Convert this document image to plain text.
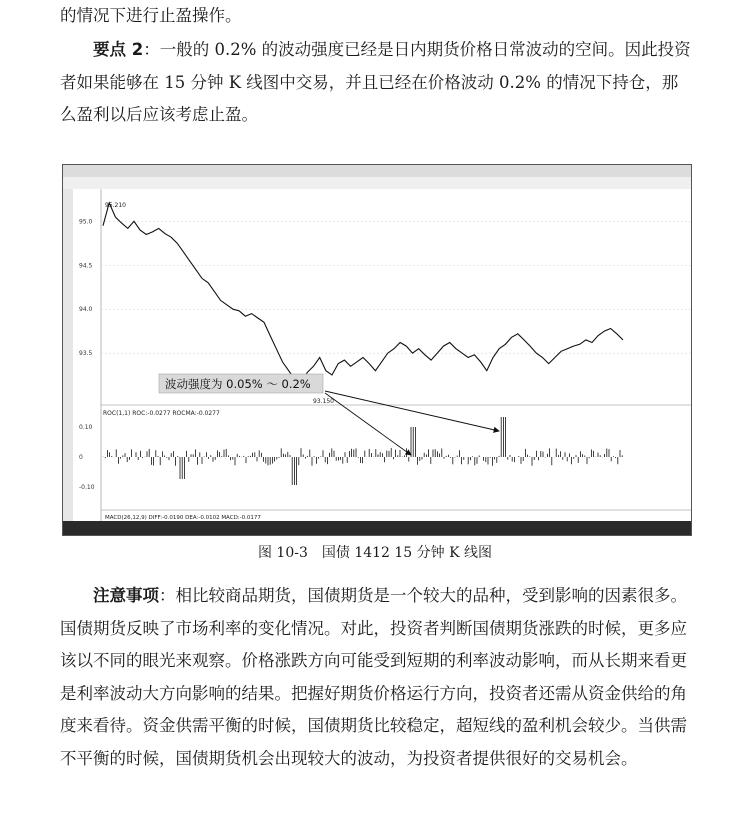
的情况下进行止盈操作。
要点 2：一般的 0.2% 的波动强度已经是日内期货价格日常波动的空间。因此投资者如果能够在 15 分钟 K 线图中交易，并且已经在价格波动 0.2% 的情况下持仓，那么盈利以后应该考虑止盈。
95.0
94.5
94.0
93.5
0.10
0
-0.10
95.210
93.150
ROC(1,1) ROC:-0.0277 ROCMA:-0.0277
MACD(26,12,9) DIFF:-0.0190 DEA:-0.0102 MACD:-0.0177
波动强度为 0.05% ～ 0.2%
图 10-3　国债 1412 15 分钟 K 线图
注意事项：相比较商品期货，国债期货是一个较大的品种，受到影响的因素很多。国债期货反映了市场利率的变化情况。对此，投资者判断国债期货涨跌的时候，更多应该以不同的眼光来观察。价格涨跌方向可能受到短期的利率波动影响，而从长期来看更是利率波动大方向影响的结果。把握好期货价格运行方向，投资者还需从资金供给的角度来看待。资金供需平衡的时候，国债期货比较稳定，超短线的盈利机会较少。当供需不平衡的时候，国债期货机会出现较大的波动，为投资者提供很好的交易机会。
